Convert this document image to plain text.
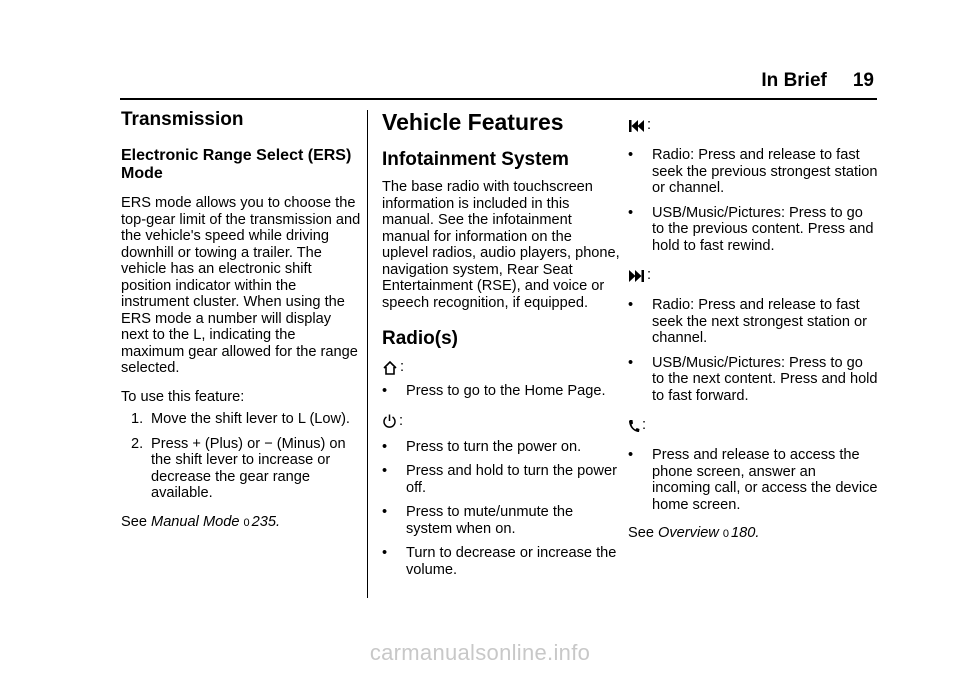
In Brief 19
Transmission
Electronic Range Select (ERS) Mode

ERS mode allows you to choose the top-gear limit of the transmission and the vehicle's speed while driving downhill or towing a trailer. The vehicle has an electronic shift position indicator within the instrument cluster. When using the ERS mode a number will display next to the L, indicating the maximum gear allowed for the range selected.

To use this feature:

1. Move the shift lever to L (Low).
2. Press + (Plus) or − (Minus) on the shift lever to increase or decrease the gear range available.

See Manual Mode 0 235.

Vehicle Features
Infotainment System

The base radio with touchscreen information is included in this manual. See the infotainment manual for information on the uplevel radios, audio players, phone, navigation system, Rear Seat Entertainment (RSE), and voice or speech recognition, if equipped.

Radio(s)
:
•	Press to go to the Home Page.
:
•	Press to turn the power on.
•	Press and hold to turn the power off.
•	Press to mute/unmute the system when on.
•	Turn to decrease or increase the volume.
:
•	Radio: Press and release to fast seek the previous strongest station or channel.
•	USB/Music/Pictures: Press to go to the previous content. Press and hold to fast rewind.
:
•	Radio: Press and release to fast seek the next strongest station or channel.
•	USB/Music/Pictures: Press to go to the next content. Press and hold to fast forward.
:
•	Press and release to access the phone screen, answer an incoming call, or access the device home screen.

See Overview 0 180.

carmanualsonline.info
